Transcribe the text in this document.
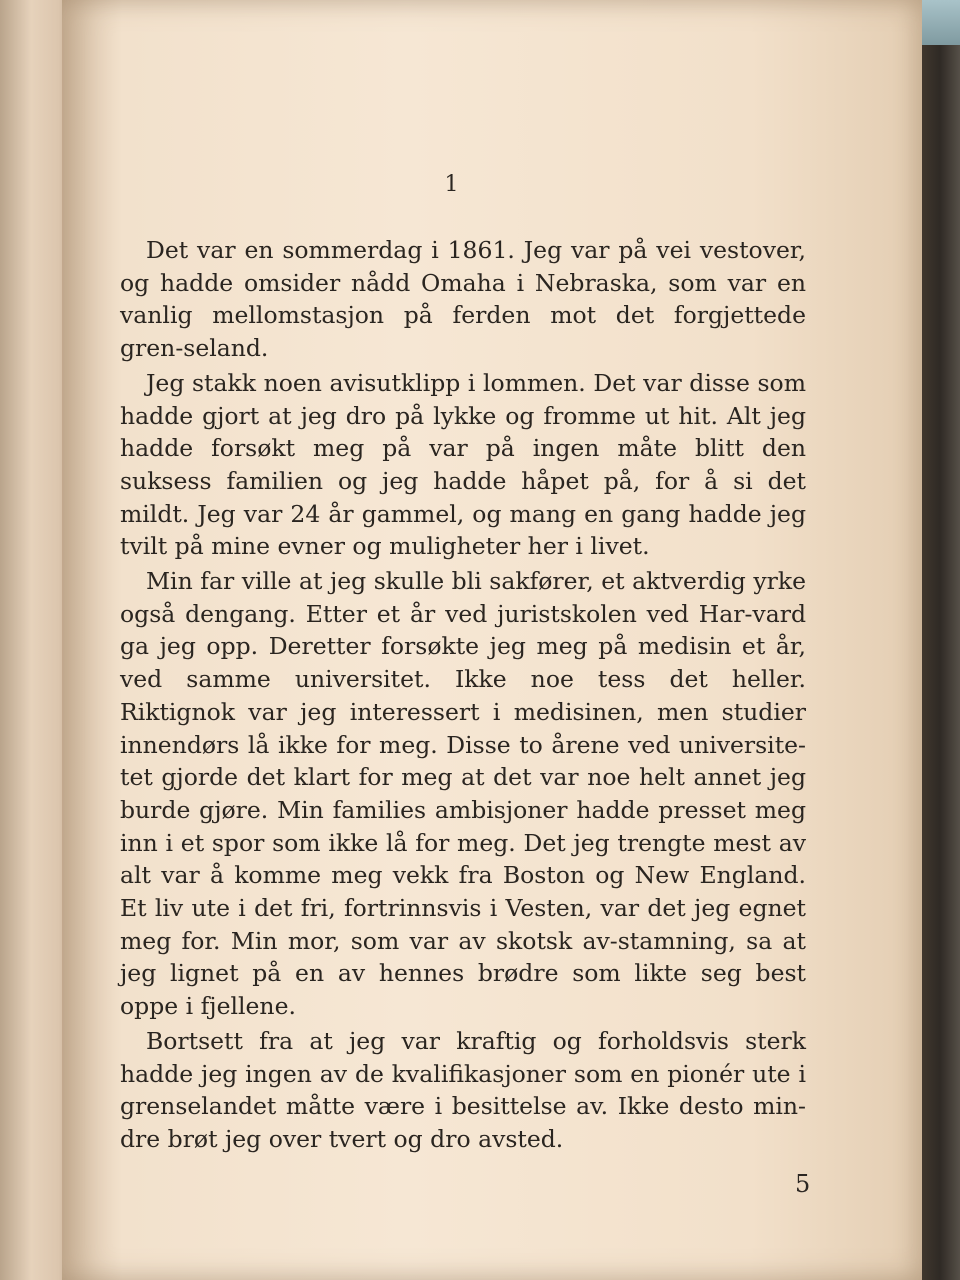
1

Det var en sommerdag i 1861. Jeg var på vei vestover, og hadde omsider nådd Omaha i Nebraska, som var en vanlig mellomstasjon på ferden mot det forgjettede gren-seland.

Jeg stakk noen avisutklipp i lommen. Det var disse som hadde gjort at jeg dro på lykke og fromme ut hit. Alt jeg hadde forsøkt meg på var på ingen måte blitt den suksess familien og jeg hadde håpet på, for å si det mildt. Jeg var 24 år gammel, og mang en gang hadde jeg tvilt på mine evner og muligheter her i livet.

Min far ville at jeg skulle bli sakfører, et aktverdig yrke også dengang. Etter et år ved juristskolen ved Har-vard ga jeg opp. Deretter forsøkte jeg meg på medisin et år, ved samme universitet. Ikke noe tess det heller. Riktignok var jeg interessert i medisinen, men studier innendørs lå ikke for meg. Disse to årene ved universite-tet gjorde det klart for meg at det var noe helt annet jeg burde gjøre. Min families ambisjoner hadde presset meg inn i et spor som ikke lå for meg. Det jeg trengte mest av alt var å komme meg vekk fra Boston og New England. Et liv ute i det fri, fortrinnsvis i Vesten, var det jeg egnet meg for. Min mor, som var av skotsk av-stamning, sa at jeg lignet på en av hennes brødre som likte seg best oppe i fjellene.

Bortsett fra at jeg var kraftig og forholdsvis sterk hadde jeg ingen av de kvalifikasjoner som en pionér ute i grenselandet måtte være i besittelse av. Ikke desto min-dre brøt jeg over tvert og dro avsted.

5
